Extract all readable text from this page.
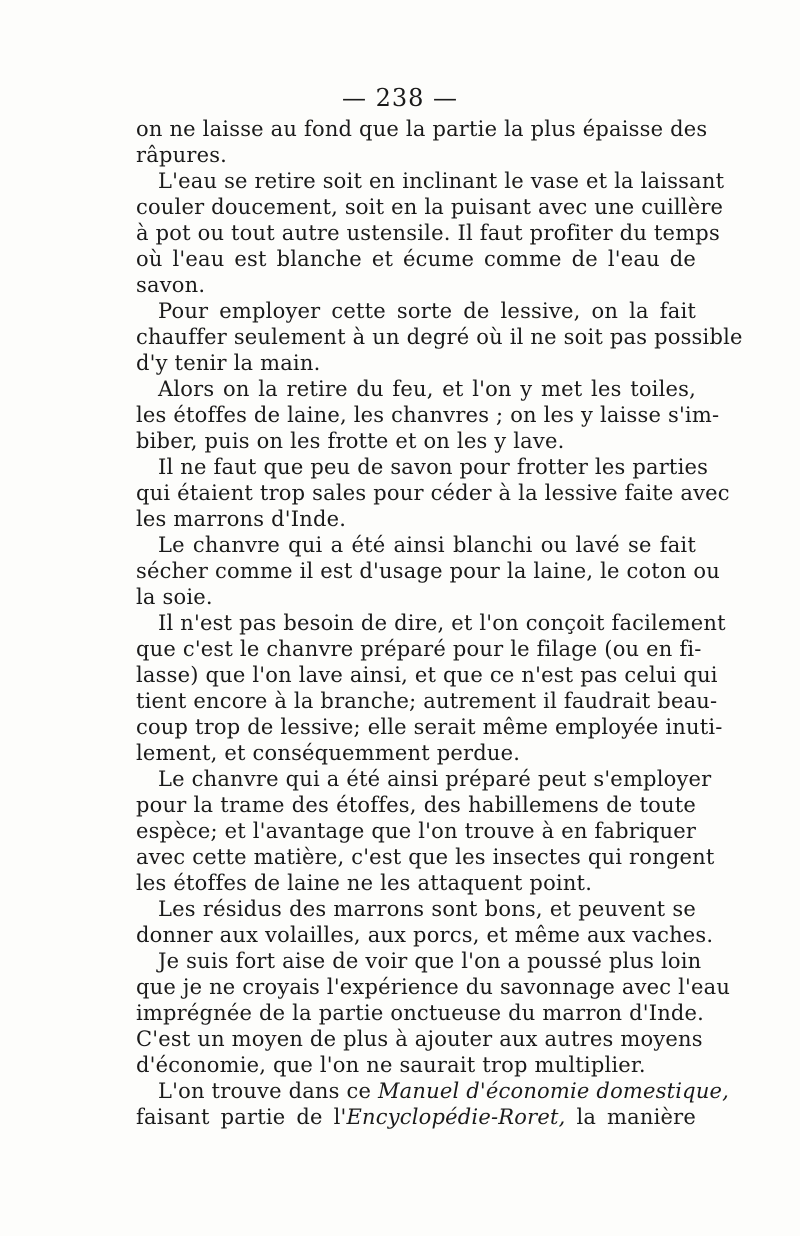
— 238 —
on ne laisse au fond que la partie la plus épaisse des
râpures.
L'eau se retire soit en inclinant le vase et la laissant
couler doucement, soit en la puisant avec une cuillère
à pot ou tout autre ustensile. Il faut profiter du temps
où l'eau est blanche et écume comme de l'eau de
savon.
Pour employer cette sorte de lessive, on la fait
chauffer seulement à un degré où il ne soit pas possible
d'y tenir la main.
Alors on la retire du feu, et l'on y met les toiles,
les étoffes de laine, les chanvres ; on les y laisse s'im-
biber, puis on les frotte et on les y lave.
Il ne faut que peu de savon pour frotter les parties
qui étaient trop sales pour céder à la lessive faite avec
les marrons d'Inde.
Le chanvre qui a été ainsi blanchi ou lavé se fait
sécher comme il est d'usage pour la laine, le coton ou
la soie.
Il n'est pas besoin de dire, et l'on conçoit facilement
que c'est le chanvre préparé pour le filage (ou en fi-
lasse) que l'on lave ainsi, et que ce n'est pas celui qui
tient encore à la branche; autrement il faudrait beau-
coup trop de lessive; elle serait même employée inuti-
lement, et conséquemment perdue.
Le chanvre qui a été ainsi préparé peut s'employer
pour la trame des étoffes, des habillemens de toute
espèce; et l'avantage que l'on trouve à en fabriquer
avec cette matière, c'est que les insectes qui rongent
les étoffes de laine ne les attaquent point.
Les résidus des marrons sont bons, et peuvent se
donner aux volailles, aux porcs, et même aux vaches.
Je suis fort aise de voir que l'on a poussé plus loin
que je ne croyais l'expérience du savonnage avec l'eau
imprégnée de la partie onctueuse du marron d'Inde.
C'est un moyen de plus à ajouter aux autres moyens
d'économie, que l'on ne saurait trop multiplier.
L'on trouve dans ce Manuel d'économie domestique,
faisant partie de l'Encyclopédie-Roret, la manière
